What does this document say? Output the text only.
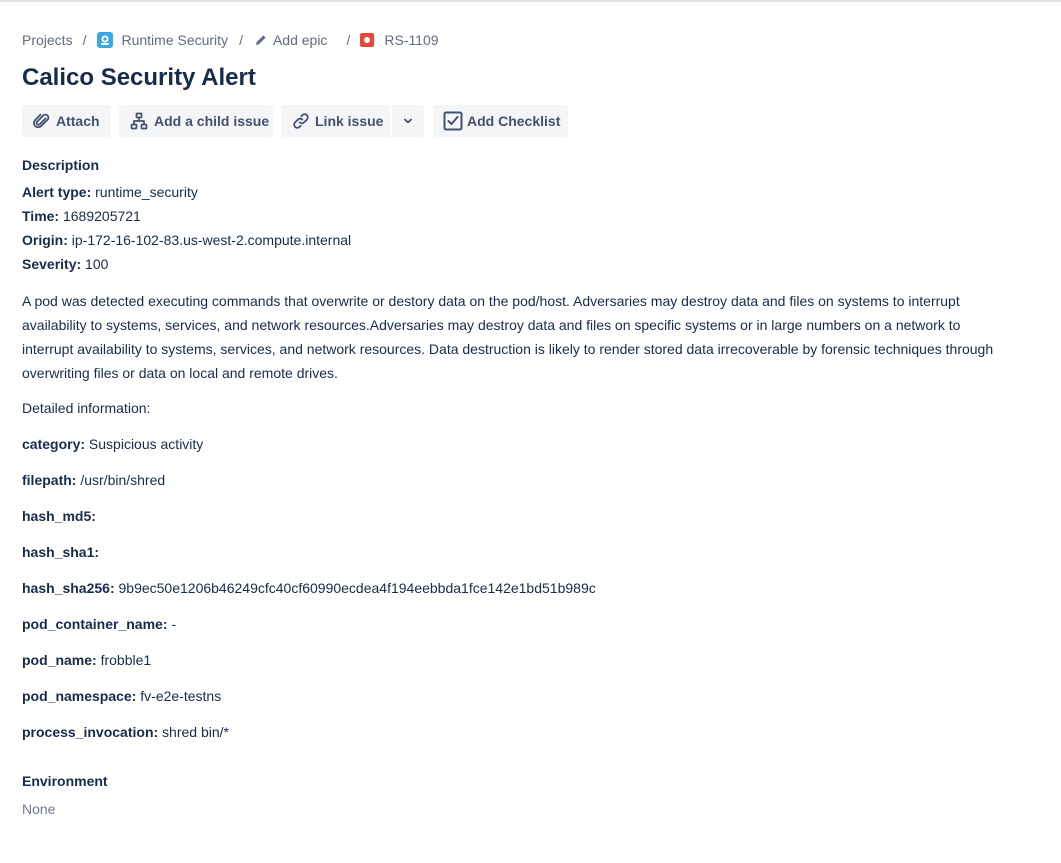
Projects /	Runtime Security / Add epic / RS-1109
Calico Security Alert
Attach	Add a child issue	Link issue	Add Checklist
Description
Alert type: runtime_security
Time: 1689205721
Origin: ip-172-16-102-83.us-west-2.compute.internal
Severity: 100

A pod was detected executing commands that overwrite or destory data on the pod/host. Adversaries may destroy data and files on systems to interrupt availability to systems, services, and network resources.Adversaries may destroy data and files on specific systems or in large numbers on a network to interrupt availability to systems, services, and network resources. Data destruction is likely to render stored data irrecoverable by forensic techniques through overwriting files or data on local and remote drives.

Detailed information:
category: Suspicious activity
filepath: /usr/bin/shred
hash_md5:
hash_sha1:
hash_sha256: 9b9ec50e1206b46249cfc40cf60990ecdea4f194eebbda1fce142e1bd51b989c
pod_container_name: -
pod_name: frobble1
pod_namespace: fv-e2e-testns
process_invocation: shred bin/*
Environment
None
